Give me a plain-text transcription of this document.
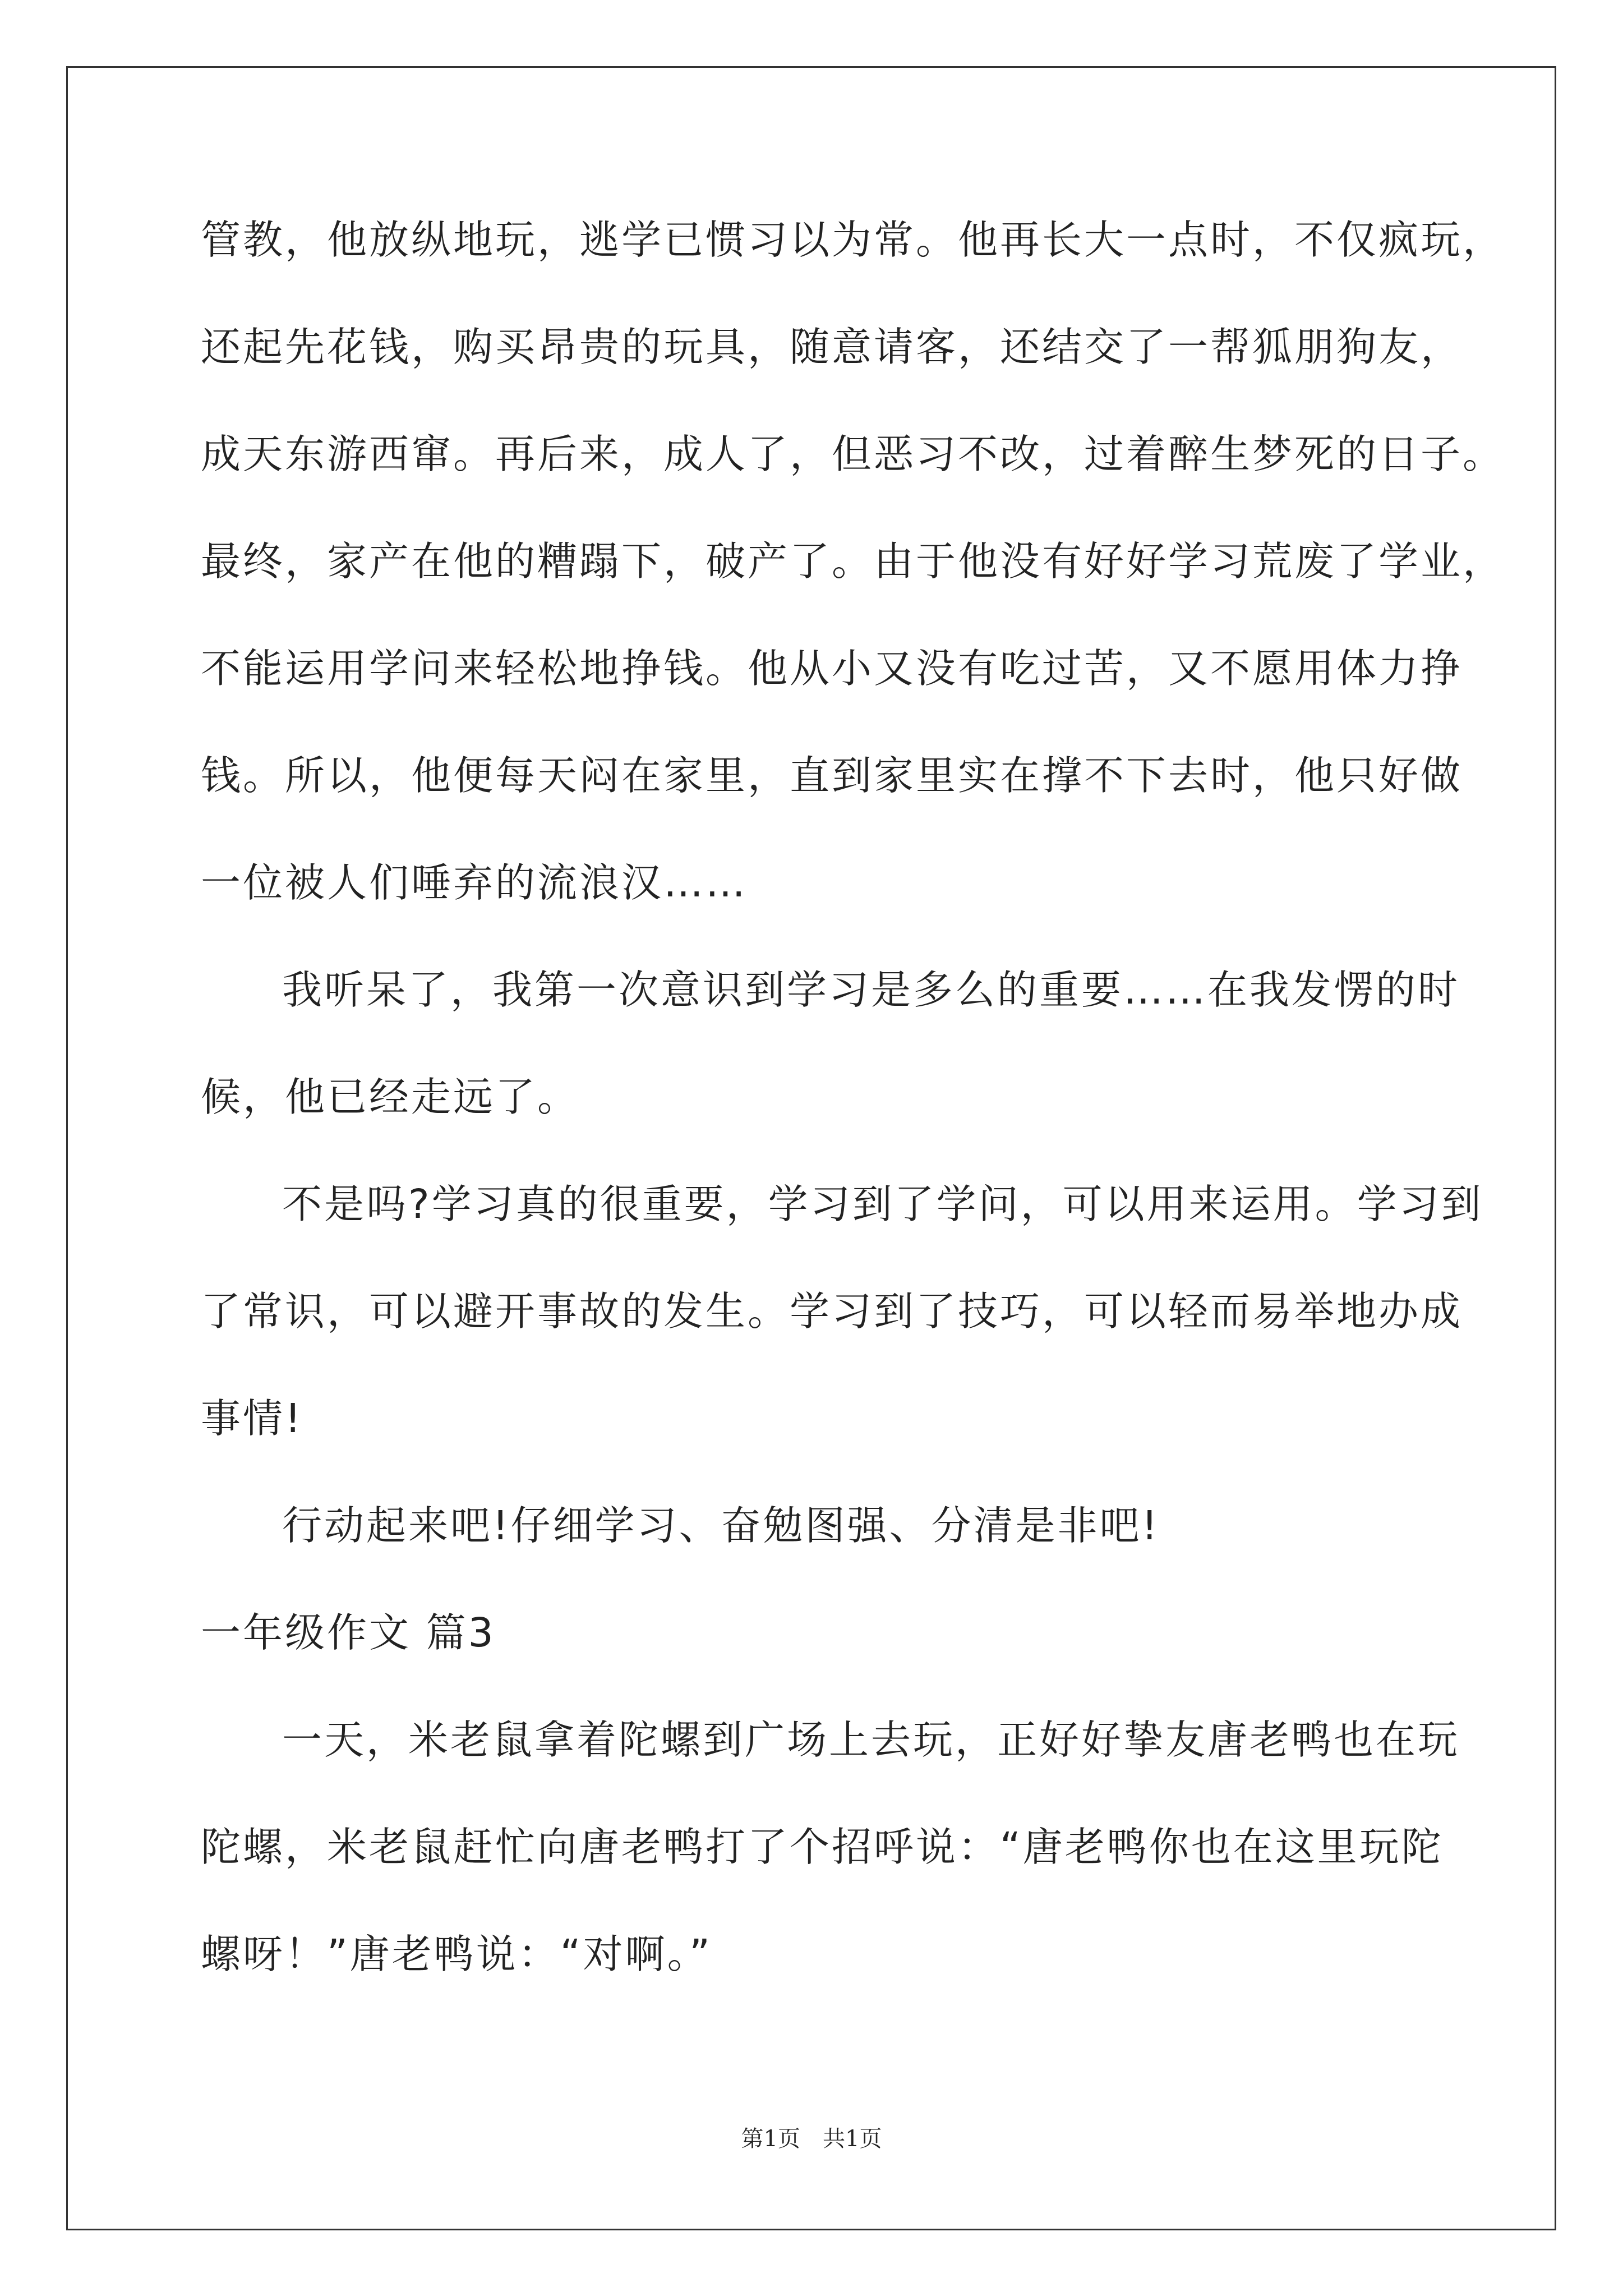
管教，他放纵地玩，逃学已惯习以为常。他再长大一点时，不仅疯玩，
还起先花钱，购买昂贵的玩具，随意请客，还结交了一帮狐朋狗友，
成天东游西窜。再后来，成人了，但恶习不改，过着醉生梦死的日子。
最终，家产在他的糟蹋下，破产了。由于他没有好好学习荒废了学业，
不能运用学问来轻松地挣钱。他从小又没有吃过苦，又不愿用体力挣
钱。所以，他便每天闷在家里，直到家里实在撑不下去时，他只好做
一位被人们唾弃的流浪汉……
我听呆了，我第一次意识到学习是多么的重要……在我发愣的时
候，他已经走远了。
不是吗?学习真的很重要，学习到了学问，可以用来运用。学习到
了常识，可以避开事故的发生。学习到了技巧，可以轻而易举地办成
事情!
行动起来吧!仔细学习、奋勉图强、分清是非吧!
一年级作文 篇3
一天，米老鼠拿着陀螺到广场上去玩，正好好挚友唐老鸭也在玩
陀螺，米老鼠赶忙向唐老鸭打了个招呼说：“唐老鸭你也在这里玩陀
螺呀！”唐老鸭说：“对啊。”
第1页　共1页
